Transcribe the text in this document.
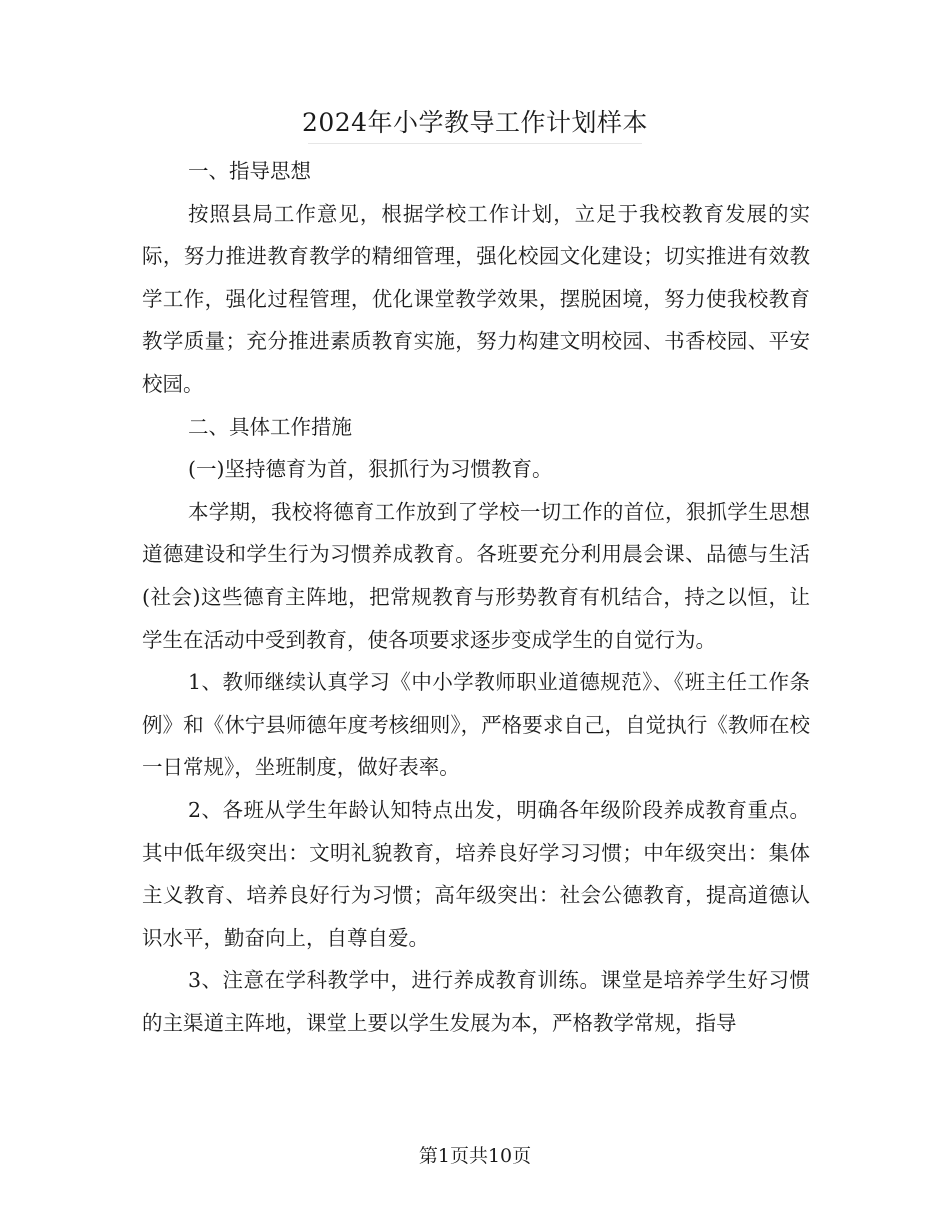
2024年小学教导工作计划样本

一、指导思想

按照县局工作意见，根据学校工作计划，立足于我校教育发展的实际，努力推进教育教学的精细管理，强化校园文化建设；切实推进有效教学工作，强化过程管理，优化课堂教学效果，摆脱困境，努力使我校教育教学质量；充分推进素质教育实施，努力构建文明校园、书香校园、平安校园。

二、具体工作措施

(一)坚持德育为首，狠抓行为习惯教育。

本学期，我校将德育工作放到了学校一切工作的首位，狠抓学生思想道德建设和学生行为习惯养成教育。各班要充分利用晨会课、品德与生活(社会)这些德育主阵地，把常规教育与形势教育有机结合，持之以恒，让学生在活动中受到教育，使各项要求逐步变成学生的自觉行为。

1、教师继续认真学习《中小学教师职业道德规范》、《班主任工作条例》和《休宁县师德年度考核细则》，严格要求自己，自觉执行《教师在校一日常规》，坐班制度，做好表率。

2、各班从学生年龄认知特点出发，明确各年级阶段养成教育重点。其中低年级突出：文明礼貌教育，培养良好学习习惯；中年级突出：集体主义教育、培养良好行为习惯；高年级突出：社会公德教育，提高道德认识水平，勤奋向上，自尊自爱。

3、注意在学科教学中，进行养成教育训练。课堂是培养学生好习惯的主渠道主阵地，课堂上要以学生发展为本，严格教学常规，指导

第1页共10页
